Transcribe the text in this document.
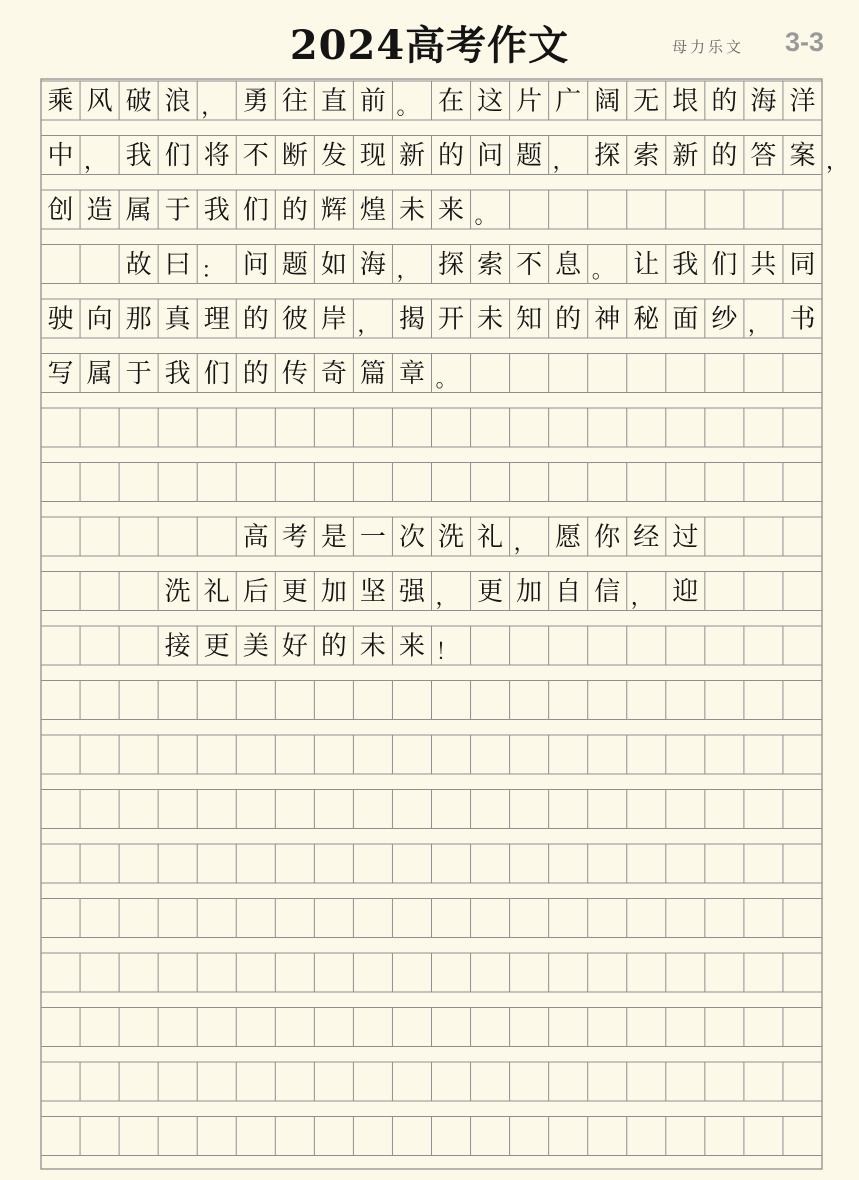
2024高考作文	母力乐文 3-3
乘 风 破 浪 ， 勇 往 直 前 。 在 这 片 广 阔 无 垠 的 海 洋
中 ， 我 们 将 不 断 发 现 新 的 问 题 ， 探 索 新 的 答 案 ，
创 造 属 于 我 们 的 辉 煌 未 来 。
故 曰 ： 问 题 如 海 ， 探 索 不 息 。 让 我 们 共 同
驶 向 那 真 理 的 彼 岸 ， 揭 开 未 知 的 神 秘 面 纱 ， 书
写 属 于 我 们 的 传 奇 篇 章 。
高 考 是 一 次 洗 礼 ， 愿 你 经 过
洗 礼 后 更 加 坚 强 ， 更 加 自 信 ， 迎
接 更 美 好 的 未 来 ！
